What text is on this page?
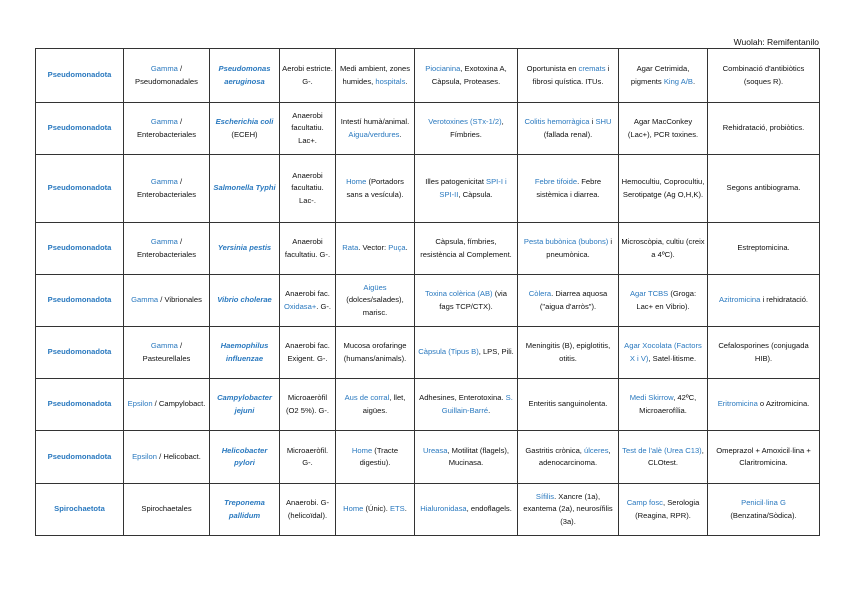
Wuolah: Remifentanilo
Pseudomonadota	Gamma / Pseudomonadales	Pseudomonas aeruginosa	Aerobi estricte. G-.	Medi ambient, zones humides, hospitals.	Piocianina, Exotoxina A, Càpsula, Proteases.	Oportunista en cremats i fibrosi quística. ITUs.	Agar Cetrimida, pigments King A/B.	Combinació d'antibiòtics (soques R).
Pseudomonadota	Gamma / Enterobacteriales	Escherichia coli (ECEH)	Anaerobi facultatiu. Lac+.	Intestí humà/animal. Aigua/verdures.	Verotoxines (STx-1/2), Fímbries.	Colitis hemorràgica i SHU (fallada renal).	Agar MacConkey (Lac+), PCR toxines.	Rehidratació, probiòtics.
Pseudomonadota	Gamma / Enterobacteriales	Salmonella Typhi	Anaerobi facultatiu. Lac-.	Home (Portadors sans a vesícula).	Illes patogenicitat SPI-I i SPI-II, Càpsula.	Febre tifoide. Febre sistèmica i diarrea.	Hemocultiu, Coprocultiu, Serotipatge (Ag O,H,K).	Segons antibiograma.
Pseudomonadota	Gamma / Enterobacteriales	Yersinia pestis	Anaerobi facultatiu. G-.	Rata. Vector: Puça.	Càpsula, fímbries, resistència al Complement.	Pesta bubònica (bubons) i pneumònica.	Microscòpia, cultiu (creix a 4ºC).	Estreptomicina.
Pseudomonadota	Gamma / Vibrionales	Vibrio cholerae	Anaerobi fac. Oxidasa+. G-.	Aigües (dolces/salades), marisc.	Toxina colèrica (AB) (via fags TCP/CTX).	Còlera. Diarrea aquosa ("aigua d'arròs").	Agar TCBS (Groga: Lac+ en Vibrio).	Azitromicina i rehidratació.
Pseudomonadota	Gamma / Pasteurellales	Haemophilus influenzae	Anaerobi fac. Exigent. G-.	Mucosa orofaringe (humans/animals).	Càpsula (Tipus B), LPS, Pili.	Meningitis (B), epiglotitis, otitis.	Agar Xocolata (Factors X i V), Satel·litisme.	Cefalosporines (conjugada HIB).
Pseudomonadota	Epsilon / Campylobact.	Campylobacter jejuni	Microaeròfil (O2 5%). G-.	Aus de corral, llet, aigües.	Adhesines, Enterotoxina. S. Guillain-Barré.	Enteritis sanguinolenta.	Medi Skirrow, 42ºC, Microaerofília.	Eritromicina o Azitromicina.
Pseudomonadota	Epsilon / Helicobact.	Helicobacter pylori	Microaeròfil. G-.	Home (Tracte digestiu).	Ureasa, Motilitat (flagels), Mucinasa.	Gastritis crònica, úlceres, adenocarcinoma.	Test de l'alè (Urea C13), CLOtest.	Omeprazol + Amoxicil·lina + Claritromicina.
Spirochaetota	Spirochaetales	Treponema pallidum	Anaerobi. G- (helicoïdal).	Home (Únic). ETS.	Hialuronidasa, endoflagels.	Sífilis. Xancre (1a), exantema (2a), neurosífilis (3a).	Camp fosc, Serologia (Reagina, RPR).	Penicil·lina G (Benzatina/Sòdica).
